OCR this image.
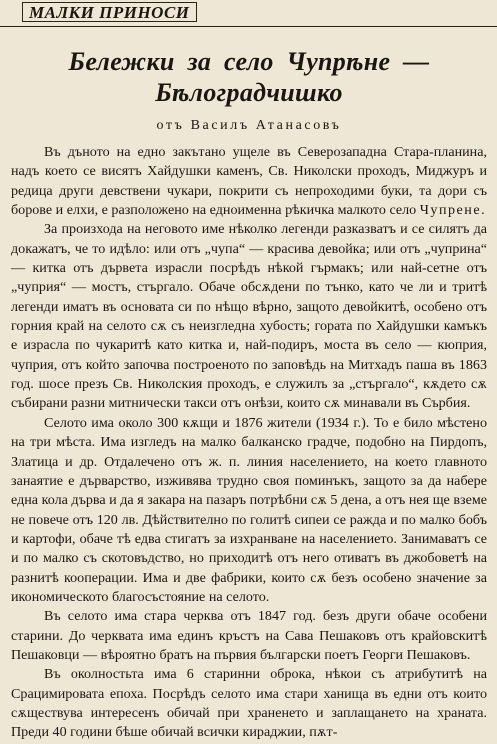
МАЛКИ ПРИНОСИ
Бележки за село Чупрѣне — Бѣлоградчишко
отъ Василъ Атанасовъ

Въ дъното на едно закътано ущеле въ Северозападна Стара-планина, надъ което се висятъ Хайдушки каменъ, Св. Николски проходъ, Миджуръ и редица други девствени чукари, покрити съ непроходими буки, та дори съ борове и елхи, е разположено на едноименна рѣкичка малкото село Чупрене.

За произхода на неговото име нѣколко легенди разказватъ и се силятъ да докажатъ, че то идѣло: или отъ „чупа“ — красива девойка; или отъ „чуприна“ — китка отъ дървета израсли посрѣдъ нѣкой гърмакъ; или най-сетне отъ „чуприя“ — мостъ, стъргало. Обаче обсѫдени по тънко, като че ли и тритѣ легенди иматъ въ основата си по нѣщо вѣрно, защото девойкитѣ, особено отъ горния край на селото сѫ съ неизгледна хубость; гората по Хайдушки камъкъ е израсла по чукаритѣ като китка и, най-подиръ, моста въ село — кюприя, чуприя, отъ който започва построеното по заповѣдь на Митхадъ паша въ 1863 год. шосе презъ Св. Николския проходъ, е служилъ за „стъргало“, кѫдето сѫ събирани разни митнически такси отъ онѣзи, които сѫ минавали въ Сърбия.

Селото има около 300 кѫщи и 1876 жители (1934 г.). То е било мѣстено на три мѣста. Има изгледъ на малко балканско градче, подобно на Пирдопъ, Златица и др. Отдалечено отъ ж. п. линия населението, на което главното занаятие е дърварство, изживява трудно своя поминъкъ, защото за да набере една кола дърва и да я закара на пазаръ потрѣбни сѫ 5 дена, а отъ нея ще вземе не повече отъ 120 лв. Дѣйствително по голитѣ сипеи се ражда и по малко бобъ и картофи, обаче тѣ едва стигатъ за изхранване на населението. Занимаватъ се и по малко съ скотовъдство, но приходитѣ отъ него отиватъ въ джобоветѣ на разнитѣ кооперации. Има и две фабрики, които сѫ безъ особено значение за икономическото благосъстояние на селото.

Въ селото има стара черква отъ 1847 год. безъ други обаче особени старини. До черквата има единъ кръстъ на Сава Пешаковъ отъ крайовскитѣ Пешаковци — вѣроятно братъ на първия български поетъ Георги Пешаковъ.

Въ околностьта има 6 старинни оброка, нѣкои съ атрибутитѣ на Срацимировата епоха. Посрѣдъ селото има стари ханища въ едни отъ които сѫществува интересенъ обичай при храненето и заплащането на храната. Преди 40 години бѣше обичай всички кираджии, пѫт-
